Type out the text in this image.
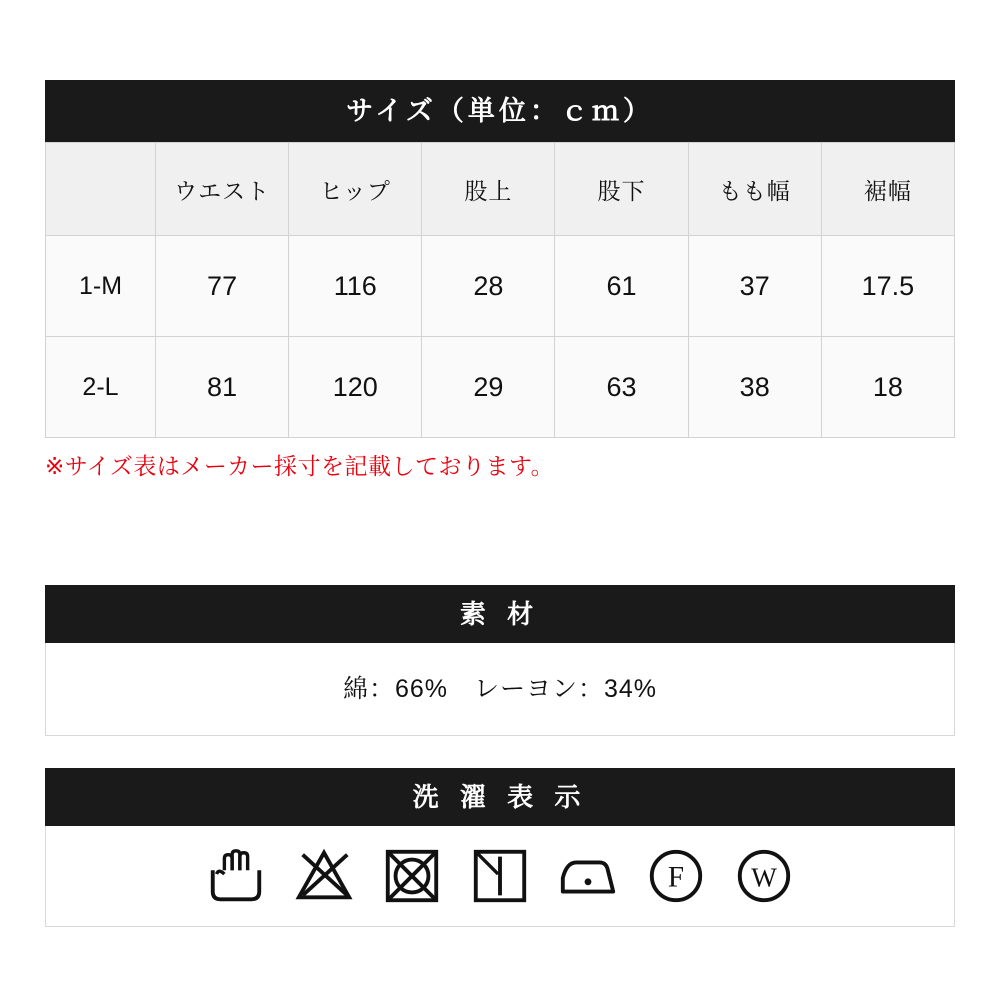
サイズ（単位：ｃｍ）
	ウエスト	ヒップ	股上	股下	もも幅	裾幅
1-M	77	116	28	61	37	17.5
2-L	81	120	29	63	38	18
※サイズ表はメーカー採寸を記載しております。
素 材
綿：66%　レーヨン：34%
洗 濯 表 示
F W
